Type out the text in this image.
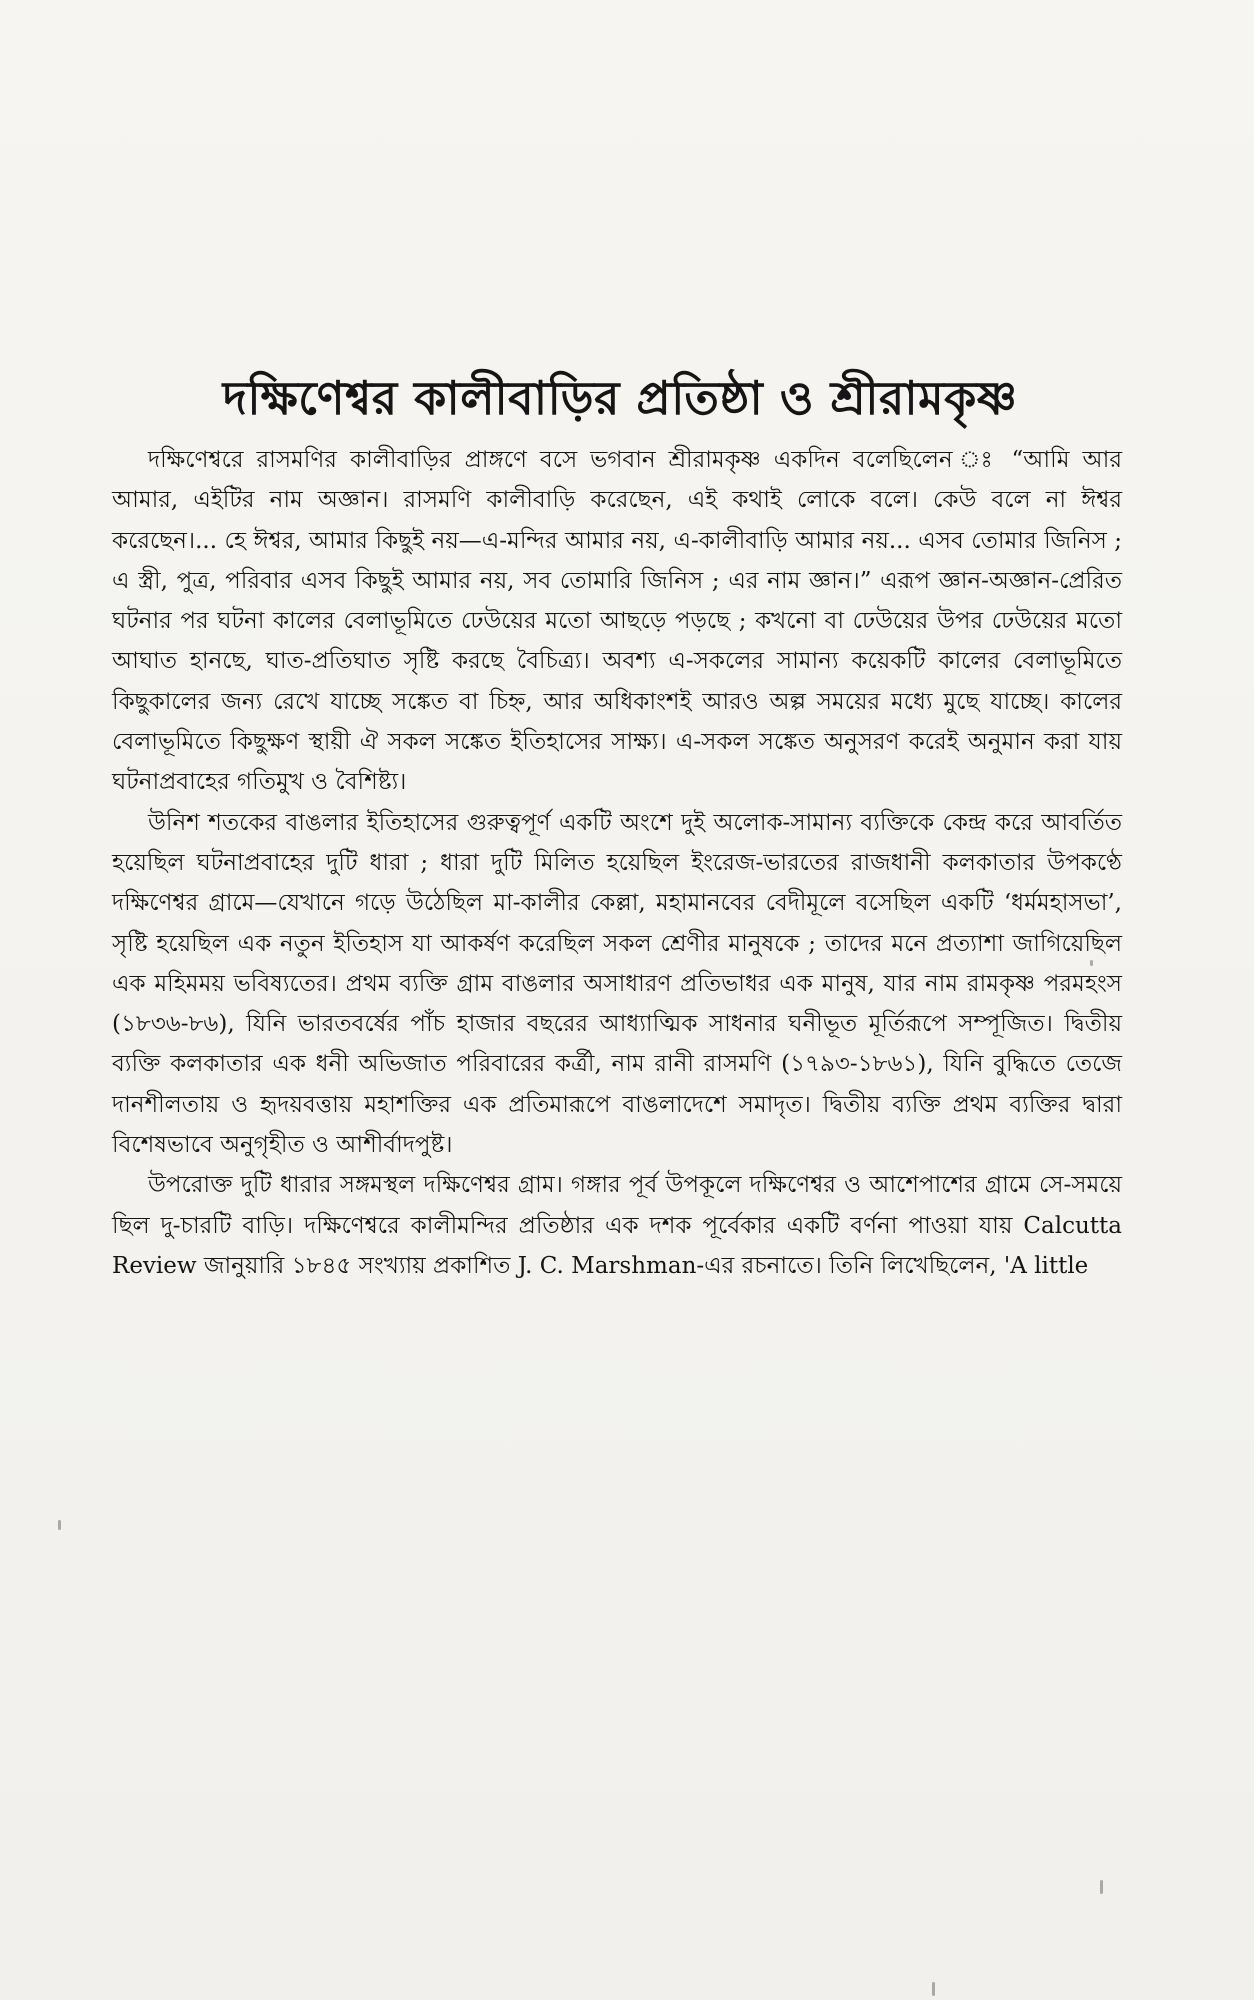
দক্ষিণেশ্বর কালীবাড়ির প্রতিষ্ঠা ও শ্রীরামকৃষ্ণ

দক্ষিণেশ্বরে রাসমণির কালীবাড়ির প্রাঙ্গণে বসে ভগবান শ্রীরামকৃষ্ণ একদিন বলেছিলেন ঃ “আমি আর আমার, এইটির নাম অজ্ঞান। রাসমণি কালীবাড়ি করেছেন, এই কথাই লোকে বলে। কেউ বলে না ঈশ্বর করেছেন।... হে ঈশ্বর, আমার কিছুই নয়—এ-মন্দির আমার নয়, এ-কালীবাড়ি আমার নয়... এসব তোমার জিনিস ; এ স্ত্রী, পুত্র, পরিবার এসব কিছুই আমার নয়, সব তোমারি জিনিস ; এর নাম জ্ঞান।” এরূপ জ্ঞান-অজ্ঞান-প্রেরিত ঘটনার পর ঘটনা কালের বেলাভূমিতে ঢেউয়ের মতো আছড়ে পড়ছে ; কখনো বা ঢেউয়ের উপর ঢেউয়ের মতো আঘাত হানছে, ঘাত-প্রতিঘাত সৃষ্টি করছে বৈচিত্র্য। অবশ্য এ-সকলের সামান্য কয়েকটি কালের বেলাভূমিতে কিছুকালের জন্য রেখে যাচ্ছে সঙ্কেত বা চিহ্ন, আর অধিকাংশই আরও অল্প সময়ের মধ্যে মুছে যাচ্ছে। কালের বেলাভূমিতে কিছুক্ষণ স্থায়ী ঐ সকল সঙ্কেত ইতিহাসের সাক্ষ্য। এ-সকল সঙ্কেত অনুসরণ করেই অনুমান করা যায় ঘটনাপ্রবাহের গতিমুখ ও বৈশিষ্ট্য।

উনিশ শতকের বাঙলার ইতিহাসের গুরুত্বপূর্ণ একটি অংশে দুই অলোক-সামান্য ব্যক্তিকে কেন্দ্র করে আবর্তিত হয়েছিল ঘটনাপ্রবাহের দুটি ধারা ; ধারা দুটি মিলিত হয়েছিল ইংরেজ-ভারতের রাজধানী কলকাতার উপকণ্ঠে দক্ষিণেশ্বর গ্রামে—যেখানে গড়ে উঠেছিল মা-কালীর কেল্লা, মহামানবের বেদীমূলে বসেছিল একটি ‘ধর্মমহাসভা’, সৃষ্টি হয়েছিল এক নতুন ইতিহাস যা আকর্ষণ করেছিল সকল শ্রেণীর মানুষকে ; তাদের মনে প্রত্যাশা জাগিয়েছিল এক মহিমময় ভবিষ্যতের। প্রথম ব্যক্তি গ্রাম বাঙলার অসাধারণ প্রতিভাধর এক মানুষ, যার নাম রামকৃষ্ণ পরমহংস (১৮৩৬-৮৬), যিনি ভারতবর্ষের পাঁচ হাজার বছরের আধ্যাত্মিক সাধনার ঘনীভূত মূর্তিরূপে সম্পূজিত। দ্বিতীয় ব্যক্তি কলকাতার এক ধনী অভিজাত পরিবারের কর্ত্রী, নাম রানী রাসমণি (১৭৯৩-১৮৬১), যিনি বুদ্ধিতে তেজে দানশীলতায় ও হৃদয়বত্তায় মহাশক্তির এক প্রতিমারূপে বাঙলাদেশে সমাদৃত। দ্বিতীয় ব্যক্তি প্রথম ব্যক্তির দ্বারা বিশেষভাবে অনুগৃহীত ও আশীর্বাদপুষ্ট।

উপরোক্ত দুটি ধারার সঙ্গমস্থল দক্ষিণেশ্বর গ্রাম। গঙ্গার পূর্ব উপকূলে দক্ষিণেশ্বর ও আশেপাশের গ্রামে সে-সময়ে ছিল দু-চারটি বাড়ি। দক্ষিণেশ্বরে কালীমন্দির প্রতিষ্ঠার এক দশক পূর্বেকার একটি বর্ণনা পাওয়া যায় Calcutta Review জানুয়ারি ১৮৪৫ সংখ্যায় প্রকাশিত J. C. Marshman-এর রচনাতে। তিনি লিখেছিলেন, 'A little
